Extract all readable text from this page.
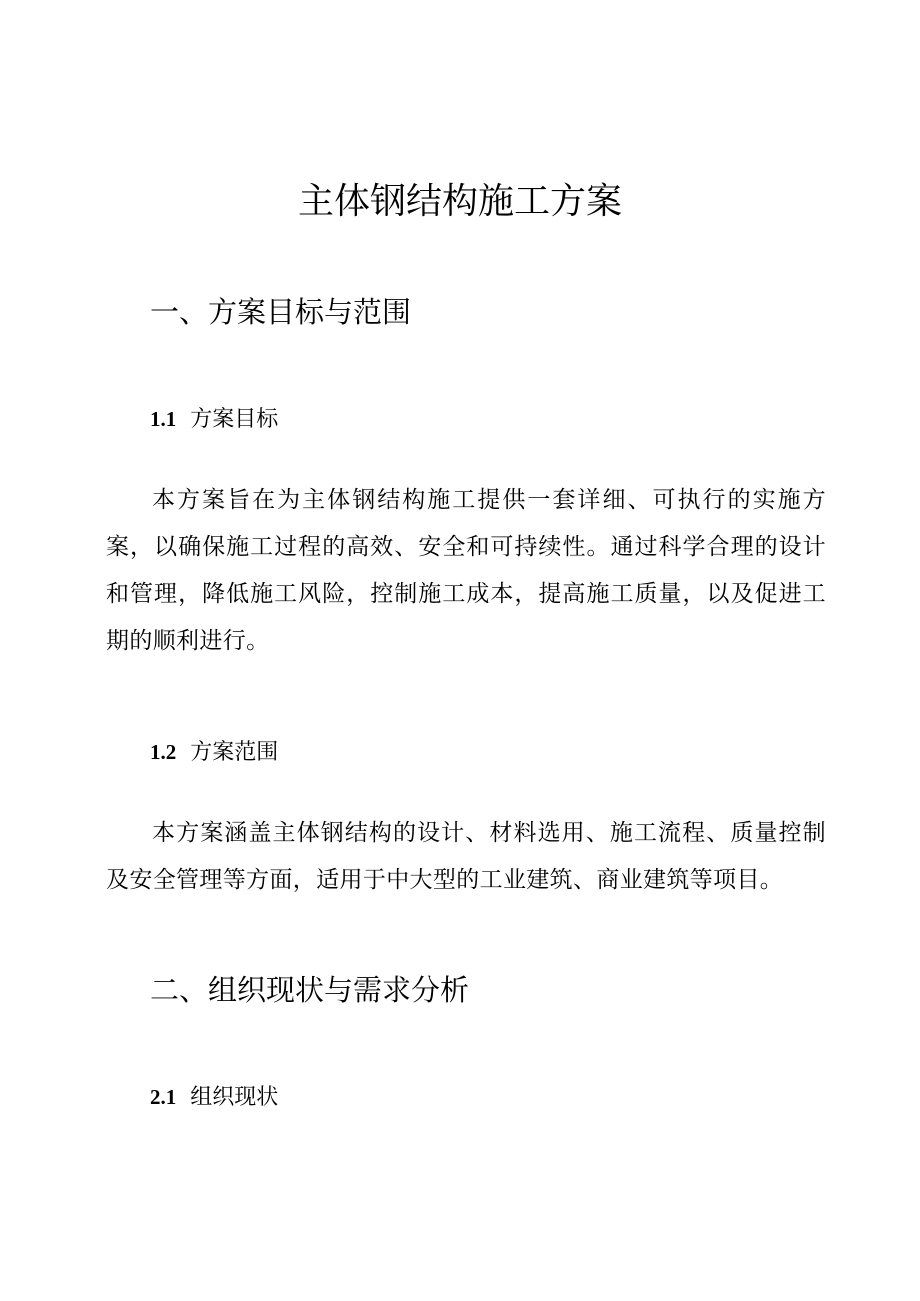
主体钢结构施工方案
一、方案目标与范围
1.1 方案目标

本方案旨在为主体钢结构施工提供一套详细、可执行的实施方案，以确保施工过程的高效、安全和可持续性。通过科学合理的设计和管理，降低施工风险，控制施工成本，提高施工质量，以及促进工期的顺利进行。

1.2 方案范围

本方案涵盖主体钢结构的设计、材料选用、施工流程、质量控制及安全管理等方面，适用于中大型的工业建筑、商业建筑等项目。

二、组织现状与需求分析
2.1 组织现状
